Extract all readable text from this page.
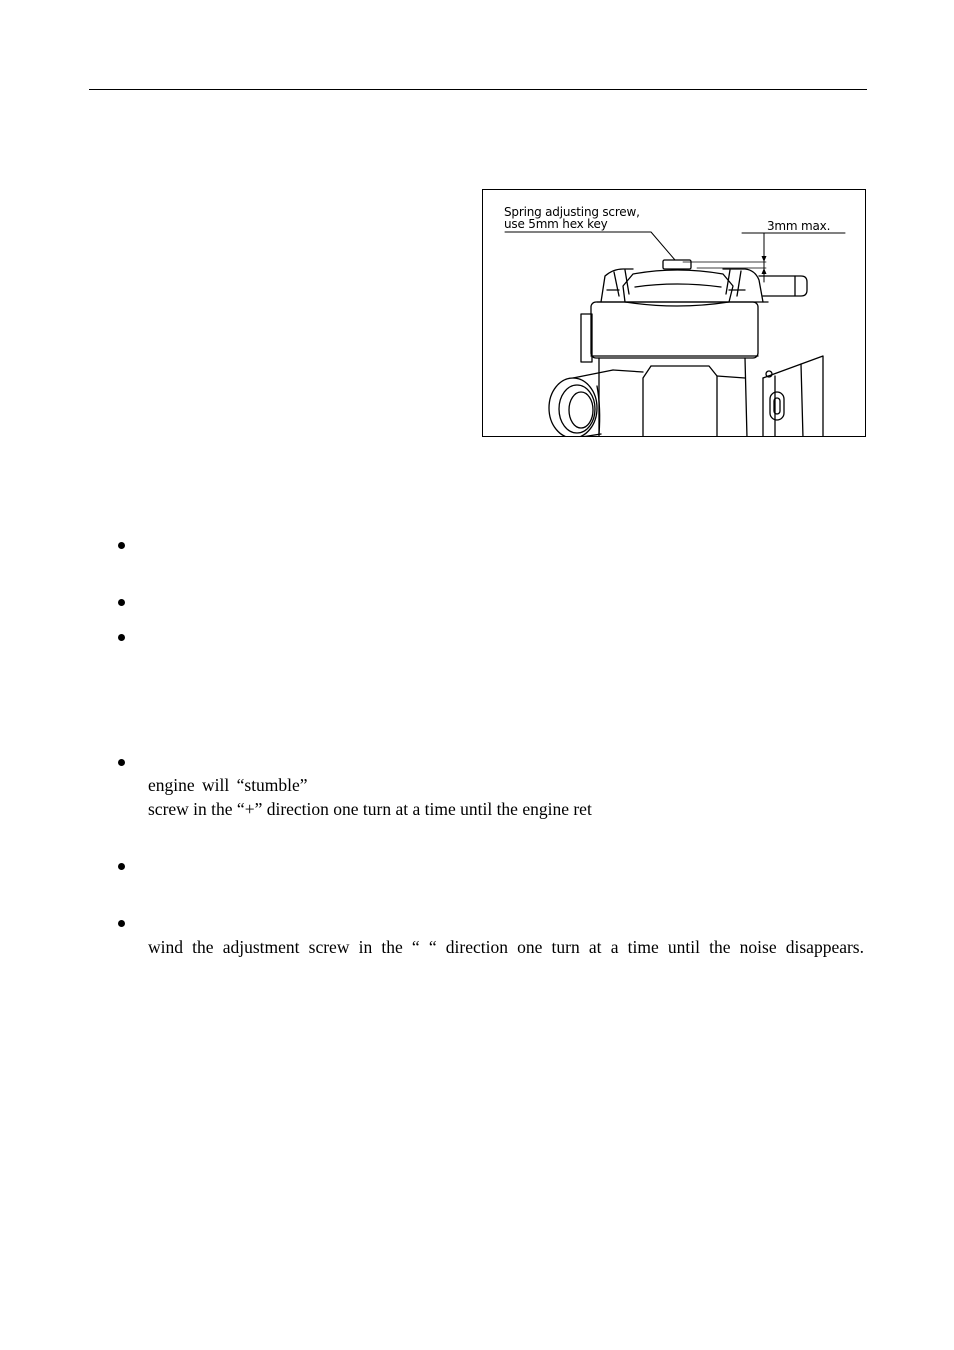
Spring adjusting screw,
use 5mm hex key	3mm max.
engine will “stumble”
screw in the “+” direction one turn at a time until the engine ret
wind the adjustment screw in the “ “ direction one turn at a time until the noise disappears.
